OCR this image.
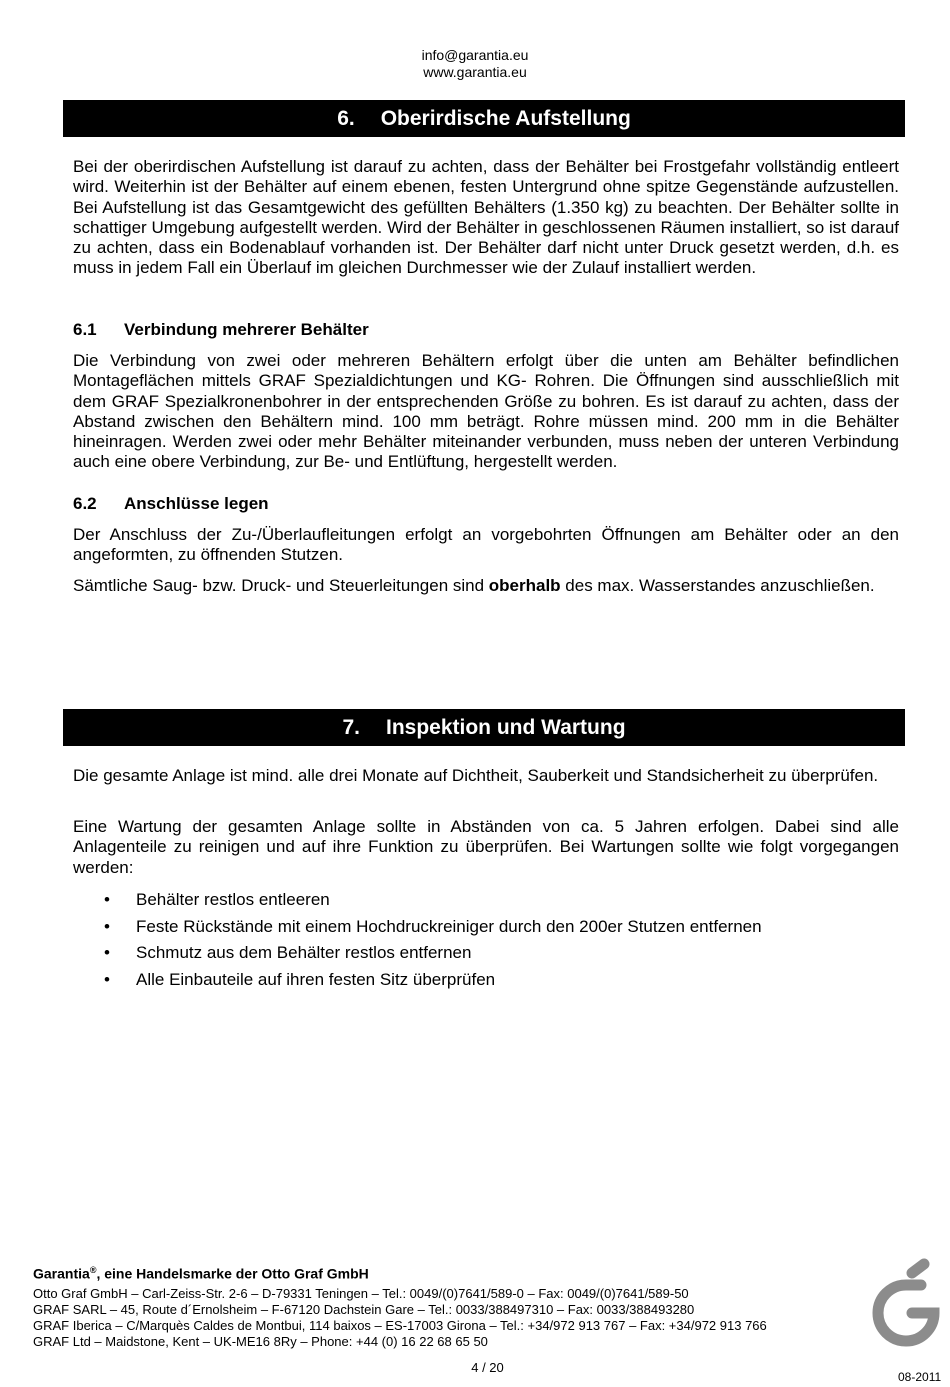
info@garantia.eu
www.garantia.eu
6. Oberirdische Aufstellung

Bei der oberirdischen Aufstellung ist darauf zu achten, dass der Behälter bei Frostgefahr vollständig entleert wird. Weiterhin ist der Behälter auf einem ebenen, festen Untergrund ohne spitze Gegenstände aufzustellen. Bei Aufstellung ist das Gesamtgewicht des gefüllten Behälters (1.350 kg) zu beachten. Der Behälter sollte in schattiger Umgebung aufgestellt werden. Wird der Behälter in geschlossenen Räumen installiert, so ist darauf zu achten, dass ein Bodenablauf vorhanden ist. Der Behälter darf nicht unter Druck gesetzt werden, d.h. es muss in jedem Fall ein Überlauf im gleichen Durchmesser wie der Zulauf installiert werden.

6.1 Verbindung mehrerer Behälter

Die Verbindung von zwei oder mehreren Behältern erfolgt über die unten am Behälter befindlichen Montageflächen mittels GRAF Spezialdichtungen und KG- Rohren. Die Öffnungen sind ausschließlich mit dem GRAF Spezialkronenbohrer in der entsprechenden Größe zu bohren. Es ist darauf zu achten, dass der Abstand zwischen den Behältern mind. 100 mm beträgt. Rohre müssen mind. 200 mm in die Behälter hineinragen. Werden zwei oder mehr Behälter miteinander verbunden, muss neben der unteren Verbindung auch eine obere Verbindung, zur Be- und Entlüftung, hergestellt werden.

6.2 Anschlüsse legen

Der Anschluss der Zu-/Überlaufleitungen erfolgt an vorgebohrten Öffnungen am Behälter oder an den angeformten, zu öffnenden Stutzen.

Sämtliche Saug- bzw. Druck- und Steuerleitungen sind oberhalb des max. Wasserstandes anzuschließen.

7. Inspektion und Wartung

Die gesamte Anlage ist mind. alle drei Monate auf Dichtheit, Sauberkeit und Standsicherheit zu überprüfen.

Eine Wartung der gesamten Anlage sollte in Abständen von ca. 5 Jahren erfolgen. Dabei sind alle Anlagenteile zu reinigen und auf ihre Funktion zu überprüfen. Bei Wartungen sollte wie folgt vorgegangen werden:

•	Behälter restlos entleeren
•	Feste Rückstände mit einem Hochdruckreiniger durch den 200er Stutzen entfernen
•	Schmutz aus dem Behälter restlos entfernen
•	Alle Einbauteile auf ihren festen Sitz überprüfen
Garantia®, eine Handelsmarke der Otto Graf GmbH
Otto Graf GmbH – Carl-Zeiss-Str. 2-6 – D-79331 Teningen – Tel.: 0049/(0)7641/589-0 – Fax: 0049/(0)7641/589-50
GRAF SARL – 45, Route d´Ernolsheim – F-67120 Dachstein Gare – Tel.: 0033/388497310 – Fax: 0033/388493280
GRAF Iberica – C/Marquès Caldes de Montbui, 114 baixos – ES-17003 Girona – Tel.: +34/972 913 767 – Fax: +34/972 913 766
GRAF Ltd – Maidstone, Kent – UK-ME16 8Ry – Phone: +44 (0) 16 22 68 65 50
4 / 20
08-2011
